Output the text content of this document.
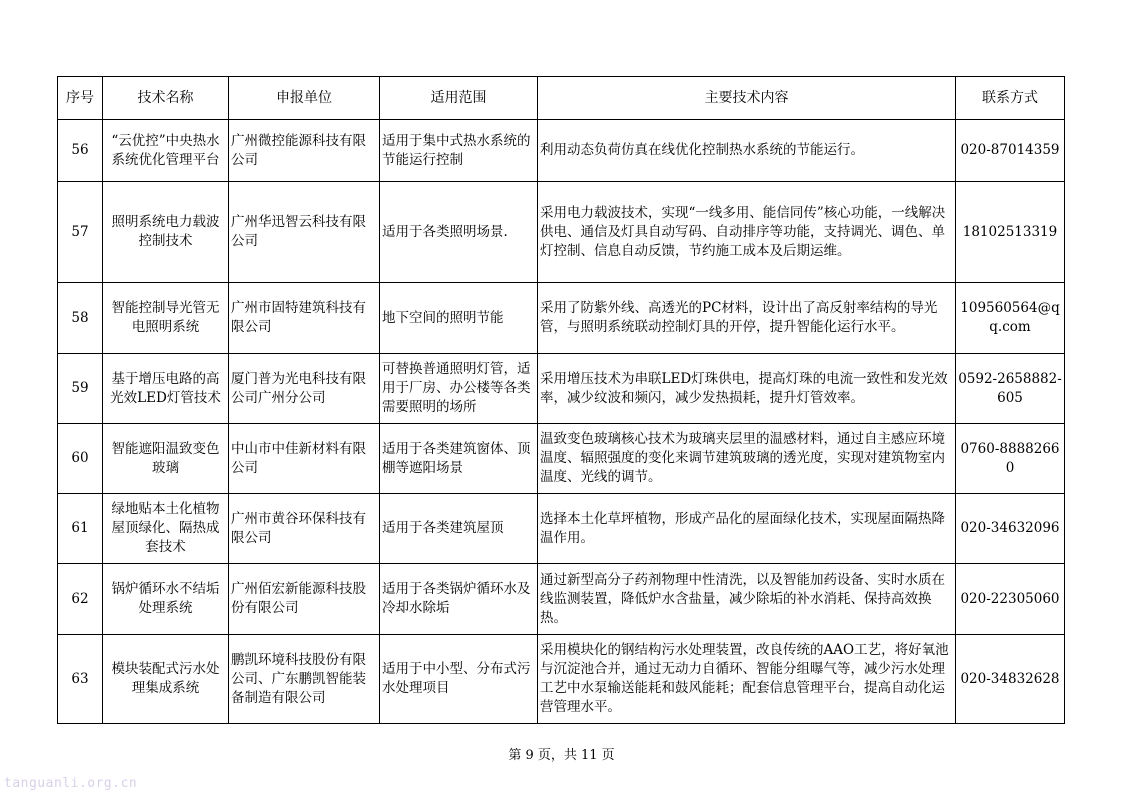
序号	技术名称	申报单位	适用范围	主要技术内容	联系方式
56	“云优控”中央热水系统优化管理平台	广州微控能源科技有限公司	适用于集中式热水系统的节能运行控制	利用动态负荷仿真在线优化控制热水系统的节能运行。	020-87014359
57	照明系统电力载波控制技术	广州华迅智云科技有限公司	适用于各类照明场景.	采用电力载波技术，实现“一线多用、能信同传”核心功能，一线解决供电、通信及灯具自动写码、自动排序等功能，支持调光、调色、单灯控制、信息自动反馈，节约施工成本及后期运维。	18102513319
58	智能控制导光管无电照明系统	广州市固特建筑科技有限公司	地下空间的照明节能	采用了防紫外线、高透光的PC材料，设计出了高反射率结构的导光管，与照明系统联动控制灯具的开停，提升智能化运行水平。	109560564@qq.com
59	基于增压电路的高光效LED灯管技术	厦门普为光电科技有限公司广州分公司	可替换普通照明灯管，适用于厂房、办公楼等各类需要照明的场所	采用增压技术为串联LED灯珠供电，提高灯珠的电流一致性和发光效率，减少纹波和频闪，减少发热损耗，提升灯管效率。	0592-2658882-605
60	智能遮阳温致变色玻璃	中山市中佳新材料有限公司	适用于各类建筑窗体、顶棚等遮阳场景	温致变色玻璃核心技术为玻璃夹层里的温感材料，通过自主感应环境温度、辐照强度的变化来调节建筑玻璃的透光度，实现对建筑物室内温度、光线的调节。	0760-88882660
61	绿地贴本土化植物屋顶绿化、隔热成套技术	广州市黄谷环保科技有限公司	适用于各类建筑屋顶	选择本土化草坪植物，形成产品化的屋面绿化技术，实现屋面隔热降温作用。	020-34632096
62	锅炉循环水不结垢处理系统	广州佰宏新能源科技股份有限公司	适用于各类锅炉循环水及冷却水除垢	通过新型高分子药剂物理中性清洗，以及智能加药设备、实时水质在线监测装置，降低炉水含盐量，减少除垢的补水消耗、保持高效换热。	020-22305060
63	模块装配式污水处理集成系统	鹏凯环境科技股份有限公司、广东鹏凯智能装备制造有限公司	适用于中小型、分布式污水处理项目	采用模块化的钢结构污水处理装置，改良传统的AAO工艺，将好氧池与沉淀池合并，通过无动力自循环、智能分组曝气等，减少污水处理工艺中水泵输送能耗和鼓风能耗；配套信息管理平台，提高自动化运营管理水平。	020-34832628
第 9 页，共 11 页
tanguanli.org.cn
